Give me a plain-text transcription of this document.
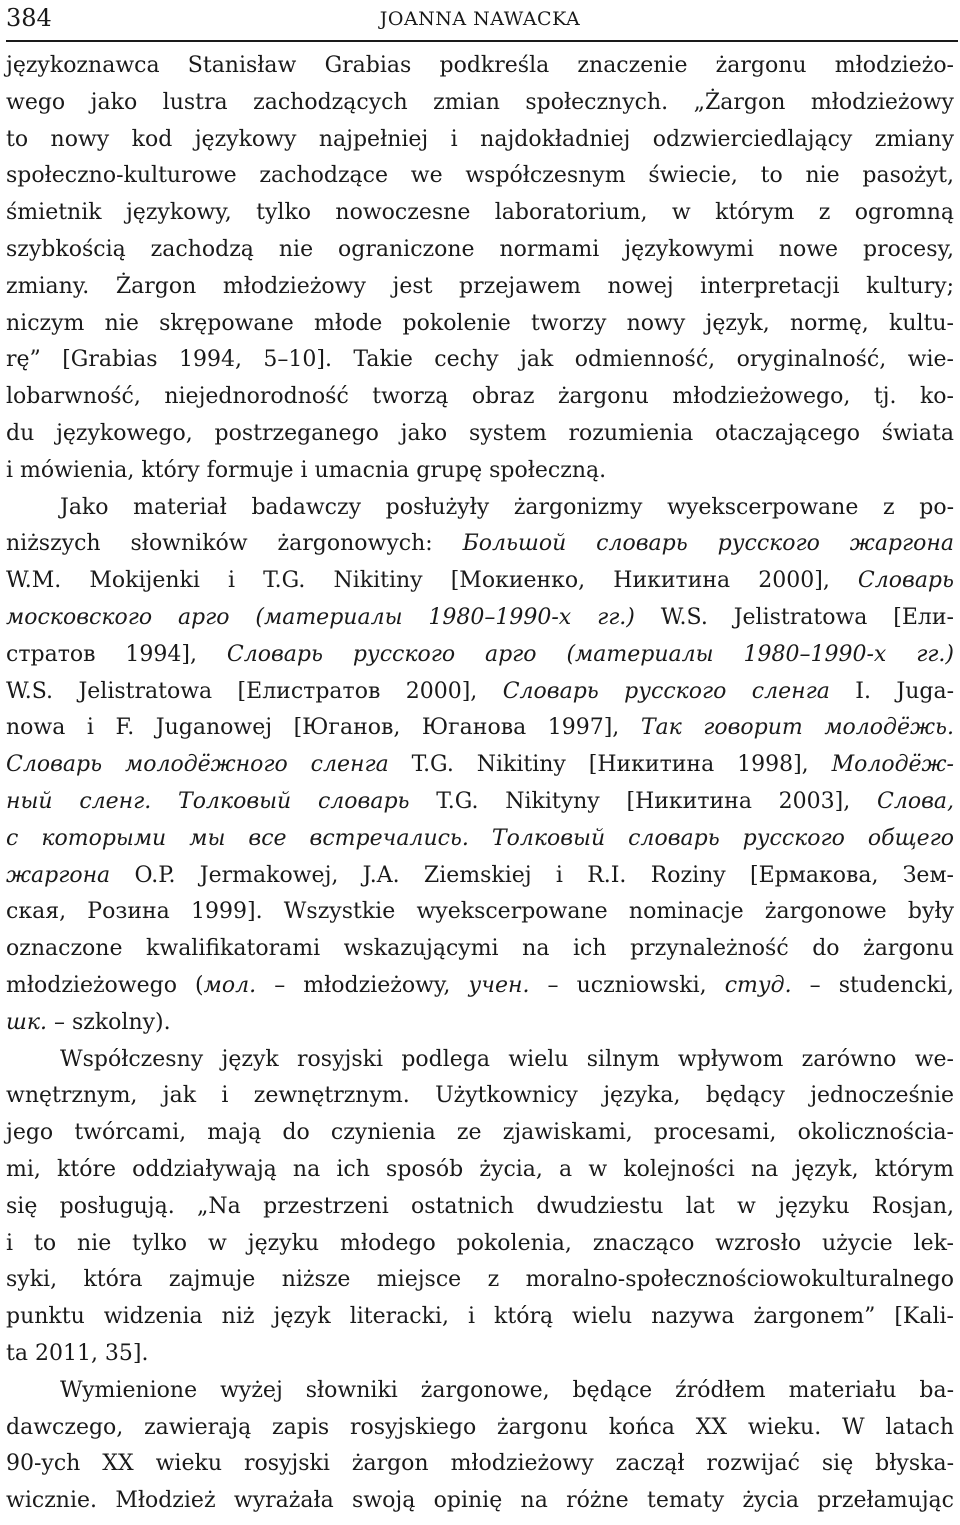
384	JOANNA NAWACKA
językoznawca Stanisław Grabias podkreśla znaczenie żargonu młodzieżo-
wego jako lustra zachodzących zmian społecznych. „Żargon młodzieżowy
to nowy kod językowy najpełniej i najdokładniej odzwierciedlający zmiany
społeczno-kulturowe zachodzące we współczesnym świecie, to nie pasożyt,
śmietnik językowy, tylko nowoczesne laboratorium, w którym z ogromną
szybkością zachodzą nie ograniczone normami językowymi nowe procesy,
zmiany. Żargon młodzieżowy jest przejawem nowej interpretacji kultury;
niczym nie skrępowane młode pokolenie tworzy nowy język, normę, kultu-
rę” [Grabias 1994, 5–10]. Takie cechy jak odmienność, oryginalność, wie-
lobarwność, niejednorodność tworzą obraz żargonu młodzieżowego, tj. ko-
du językowego, postrzeganego jako system rozumienia otaczającego świata
i mówienia, który formuje i umacnia grupę społeczną.
Jako materiał badawczy posłużyły żargonizmy wyekscerpowane z po-
niższych słowników żargonowych: Большой словарь русского жаргона
W.M. Mokijenki i T.G. Nikitiny [Мокиенко, Никитина 2000], Словарь
московского арго (материалы 1980–1990-х гг.) W.S. Jelistratowa [Ели-
стратов 1994], Словарь русского арго (материалы 1980–1990-х гг.)
W.S. Jelistratowa [Елистратов 2000], Словарь русского сленга I. Juga-
nowa i F. Juganowej [Юганов, Юганова 1997], Так говорит молодёжь.
Словарь молодёжного сленга T.G. Nikitiny [Никитина 1998], Молодёж-
ный сленг. Толковый словарь T.G. Nikityny [Никитина 2003], Слова,
с которыми мы все встречались. Толковый словарь русского общего
жаргона O.P. Jermakowej, J.A. Ziemskiej i R.I. Roziny [Ермакова, Зем-
ская, Розина 1999]. Wszystkie wyekscerpowane nominacje żargonowe były
oznaczone kwalifikatorami wskazującymi na ich przynależność do żargonu
młodzieżowego (мол. – młodzieżowy, учен. – uczniowski, студ. – studencki,
шк. – szkolny).
Współczesny język rosyjski podlega wielu silnym wpływom zarówno we-
wnętrznym, jak i zewnętrznym. Użytkownicy języka, będący jednocześnie
jego twórcami, mają do czynienia ze zjawiskami, procesami, okolicznościa-
mi, które oddziaływają na ich sposób życia, a w kolejności na język, którym
się posługują. „Na przestrzeni ostatnich dwudziestu lat w języku Rosjan,
i to nie tylko w języku młodego pokolenia, znacząco wzrosło użycie lek-
syki, która zajmuje niższe miejsce z moralno-społecznościowokulturalnego
punktu widzenia niż język literacki, i którą wielu nazywa żargonem” [Kali-
ta 2011, 35].
Wymienione wyżej słowniki żargonowe, będące źródłem materiału ba-
dawczego, zawierają zapis rosyjskiego żargonu końca XX wieku. W latach
90-ych XX wieku rosyjski żargon młodzieżowy zaczął rozwijać się błyska-
wicznie. Młodzież wyrażała swoją opinię na różne tematy życia przełamując
